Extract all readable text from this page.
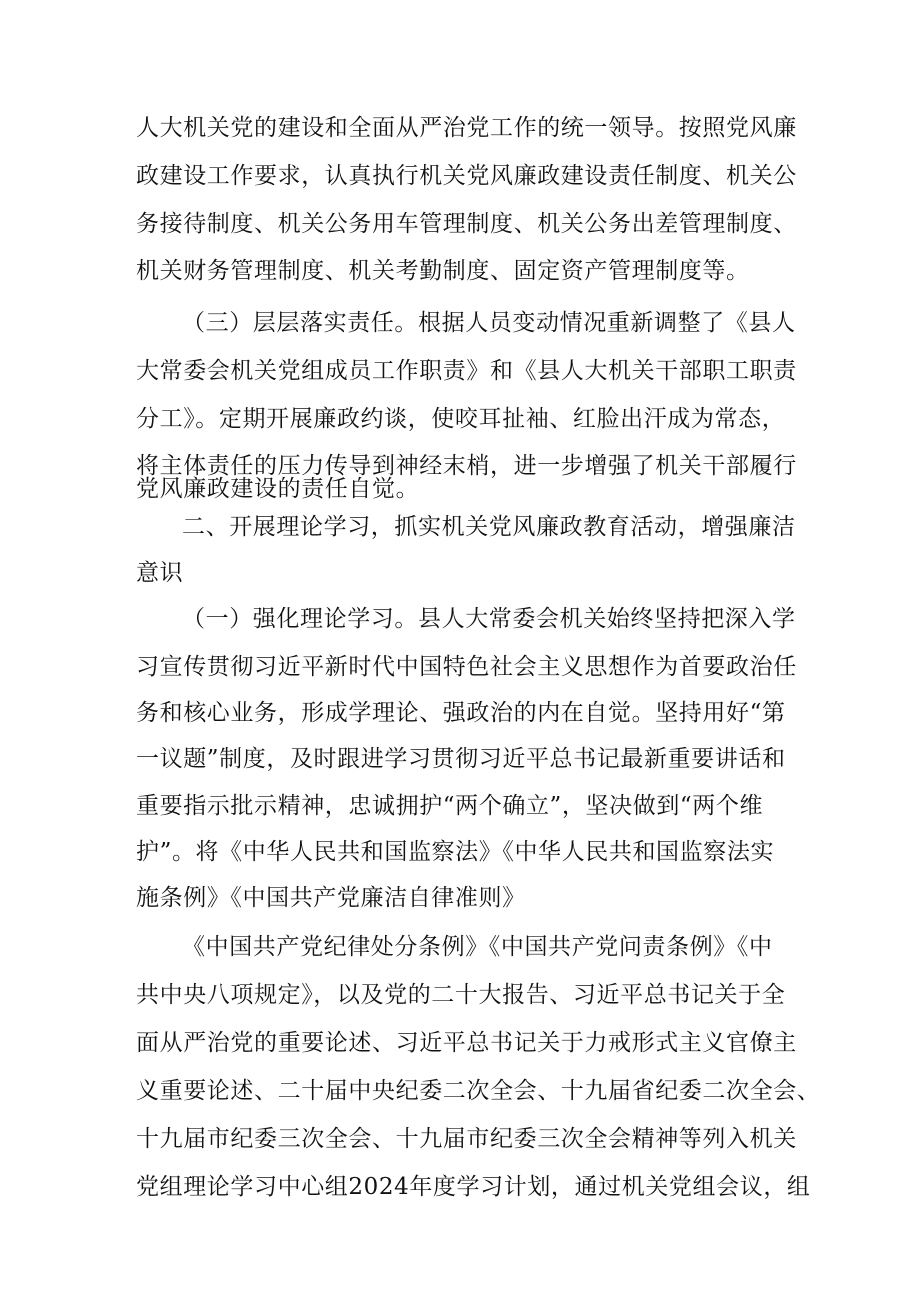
人大机关党的建设和全面从严治党工作的统一领导。按照党风廉
政建设工作要求，认真执行机关党风廉政建设责任制度、机关公
务接待制度、机关公务用车管理制度、机关公务出差管理制度、
机关财务管理制度、机关考勤制度、固定资产管理制度等。
（三）层层落实责任。根据人员变动情况重新调整了《县人
大常委会机关党组成员工作职责》和《县人大机关干部职工职责
分工》。定期开展廉政约谈，使咬耳扯袖、红脸出汗成为常态，
将主体责任的压力传导到神经末梢，进一步增强了机关干部履行
党风廉政建设的责任自觉。
二、开展理论学习，抓实机关党风廉政教育活动，增强廉洁
意识
（一）强化理论学习。县人大常委会机关始终坚持把深入学
习宣传贯彻习近平新时代中国特色社会主义思想作为首要政治任
务和核心业务，形成学理论、强政治的内在自觉。坚持用好“第
一议题”制度，及时跟进学习贯彻习近平总书记最新重要讲话和
重要指示批示精神，忠诚拥护“两个确立”，坚决做到“两个维
护”。将《中华人民共和国监察法》《中华人民共和国监察法实
施条例》《中国共产党廉洁自律准则》
《中国共产党纪律处分条例》《中国共产党问责条例》《中
共中央八项规定》，以及党的二十大报告、习近平总书记关于全
面从严治党的重要论述、习近平总书记关于力戒形式主义官僚主
义重要论述、二十届中央纪委二次全会、十九届省纪委二次全会、
十九届市纪委三次全会、十九届市纪委三次全会精神等列入机关
党组理论学习中心组2024年度学习计划，通过机关党组会议，组
